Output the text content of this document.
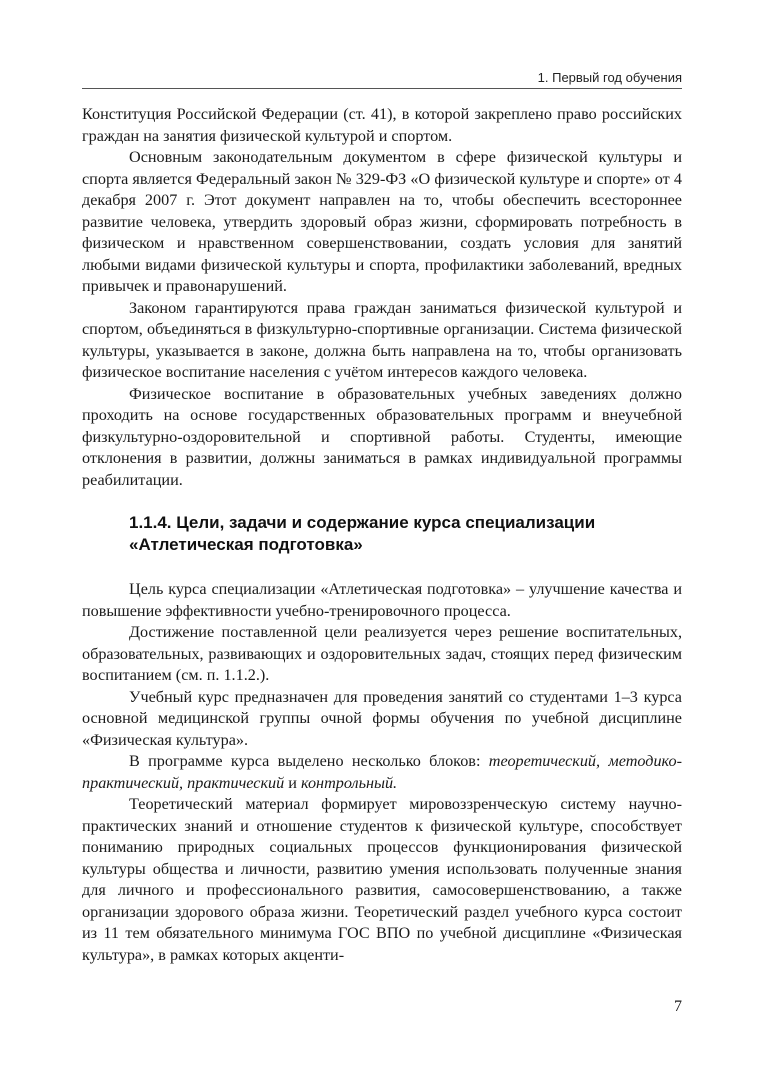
1. Первый год обучения

Конституция Российской Федерации (ст. 41), в которой закреплено право российских граждан на занятия физической культурой и спортом.

Основным законодательным документом в сфере физической культуры и спорта является Федеральный закон № 329-ФЗ «О физической культуре и спорте» от 4 декабря 2007 г. Этот документ направлен на то, чтобы обеспечить всестороннее развитие человека, утвердить здоровый образ жизни, сформировать потребность в физическом и нравственном совершенствовании, создать условия для занятий любыми видами физической культуры и спорта, профилактики заболеваний, вредных привычек и правонарушений.

Законом гарантируются права граждан заниматься физической культурой и спортом, объединяться в физкультурно-спортивные организации. Система физической культуры, указывается в законе, должна быть направлена на то, чтобы организовать физическое воспитание населения с учётом интересов каждого человека.

Физическое воспитание в образовательных учебных заведениях должно проходить на основе государственных образовательных программ и внеучебной физкультурно-оздоровительной и спортивной работы. Студенты, имеющие отклонения в развитии, должны заниматься в рамках индивидуальной программы реабилитации.

1.1.4. Цели, задачи и содержание курса специализации
«Атлетическая подготовка»

Цель курса специализации «Атлетическая подготовка» – улучшение качества и повышение эффективности учебно-тренировочного процесса.

Достижение поставленной цели реализуется через решение воспитательных, образовательных, развивающих и оздоровительных задач, стоящих перед физическим воспитанием (см. п. 1.1.2.).

Учебный курс предназначен для проведения занятий со студентами 1–3 курса основной медицинской группы очной формы обучения по учебной дисциплине «Физическая культура».

В программе курса выделено несколько блоков: теоретический, методико-практический, практический и контрольный.

Теоретический материал формирует мировоззренческую систему научно-практических знаний и отношение студентов к физической культуре, способствует пониманию природных социальных процессов функционирования физической культуры общества и личности, развитию умения использовать полученные знания для личного и профессионального развития, самосовершенствованию, а также организации здорового образа жизни. Теоретический раздел учебного курса состоит из 11 тем обязательного минимума ГОС ВПО по учебной дисциплине «Физическая культура», в рамках которых акценти-

7
